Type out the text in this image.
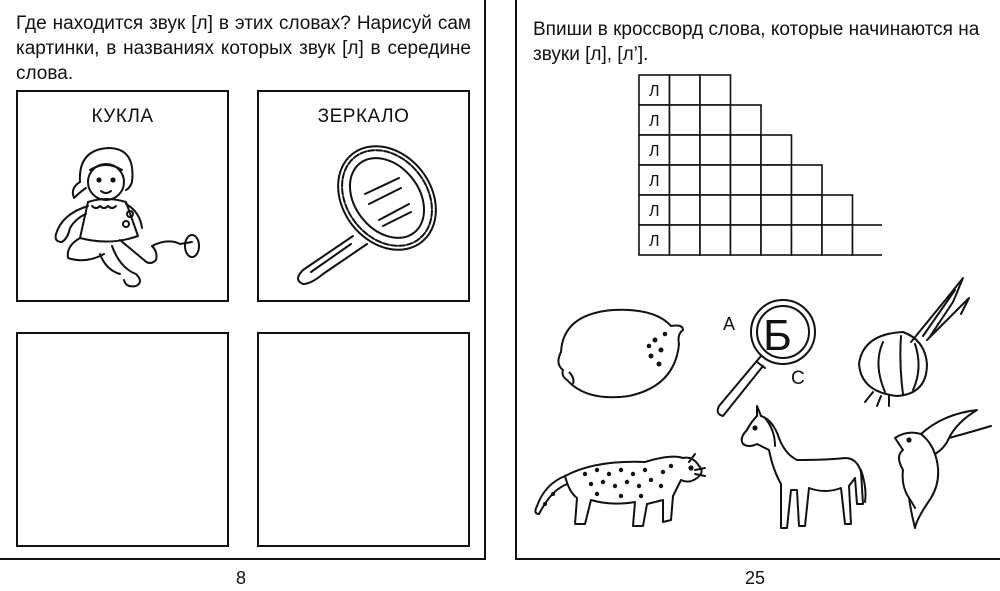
Где находится звук [л] в этих словах? Нарисуй сам картинки, в названиях которых звук [л] в середине слова.

КУКЛА	ЗЕРКАЛО
8

Впиши в кроссворд слова, которые начинаются на звуки [л], [л’].

Л
Л
Л
Л
Л
Л
А Б
С
25
